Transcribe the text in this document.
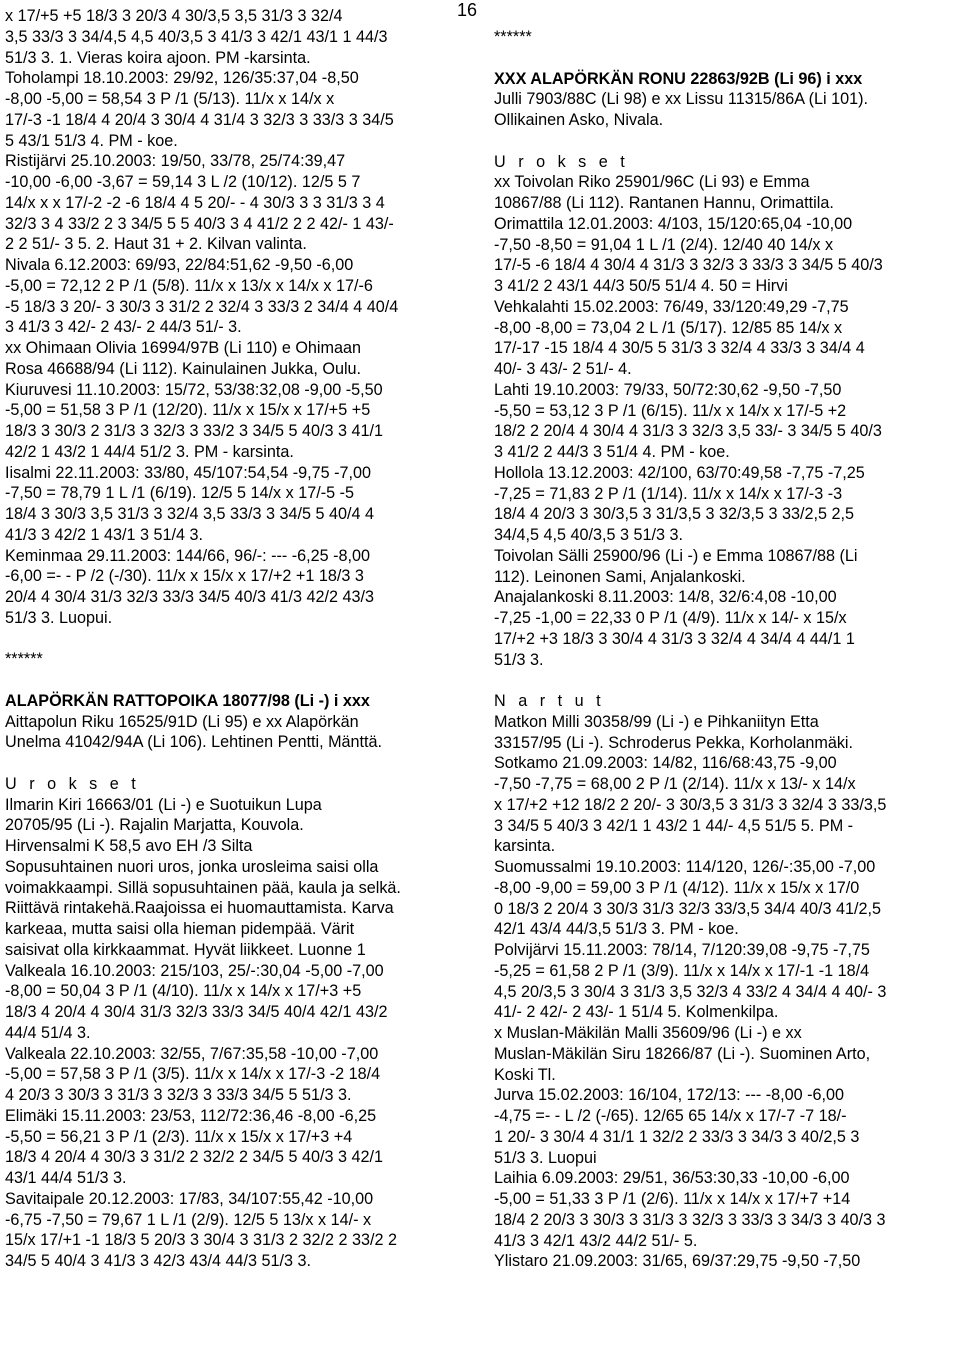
16
x 17/+5 +5 18/3 3 20/3 4 30/3,5 3,5 31/3 3 32/4
3,5 33/3 3 34/4,5 4,5 40/3,5 3 41/3 3 42/1 43/1 1 44/3
51/3 3. 1. Vieras koira ajoon. PM -karsinta.
Toholampi 18.10.2003: 29/92, 126/35:37,04 -8,50
-8,00 -5,00 = 58,54 3 P /1 (5/13). 11/x x 14/x x
17/-3 -1 18/4 4 20/4 3 30/4 4 31/4 3 32/3 3 33/3 3 34/5
5 43/1 51/3 4. PM - koe.
Ristijärvi 25.10.2003: 19/50, 33/78, 25/74:39,47
-10,00 -6,00 -3,67 = 59,14 3 L /2 (10/12). 12/5 5 7
14/x x x 17/-2 -2 -6 18/4 4 5 20/- - 4 30/3 3 3 31/3 3 4
32/3 3 4 33/2 2 3 34/5 5 5 40/3 3 4 41/2 2 2 42/- 1 43/-
2 2 51/- 3 5. 2. Haut 31 + 2. Kilvan valinta.
Nivala 6.12.2003: 69/93, 22/84:51,62 -9,50 -6,00
-5,00 = 72,12 2 P /1 (5/8). 11/x x 13/x x 14/x x 17/-6
-5 18/3 3 20/- 3 30/3 3 31/2 2 32/4 3 33/3 2 34/4 4 40/4
3 41/3 3 42/- 2 43/- 2 44/3 51/- 3.
xx Ohimaan Olivia 16994/97B (Li 110) e Ohimaan
Rosa 46688/94 (Li 112). Kainulainen Jukka, Oulu.
Kiuruvesi 11.10.2003: 15/72, 53/38:32,08 -9,00 -5,50
-5,00 = 51,58 3 P /1 (12/20). 11/x x 15/x x 17/+5 +5
18/3 3 30/3 2 31/3 3 32/3 3 33/2 3 34/5 5 40/3 3 41/1
42/2 1 43/2 1 44/4 51/2 3. PM - karsinta.
Iisalmi 22.11.2003: 33/80, 45/107:54,54 -9,75 -7,00
-7,50 = 78,79 1 L /1 (6/19). 12/5 5 14/x x 17/-5 -5
18/4 3 30/3 3,5 31/3 3 32/4 3,5 33/3 3 34/5 5 40/4 4
41/3 3 42/2 1 43/1 3 51/4 3.
Keminmaa 29.11.2003: 144/66, 96/-: --- -6,25 -8,00
-6,00 =- - P /2 (-/30). 11/x x 15/x x 17/+2 +1 18/3 3
20/4 4 30/4 31/3 32/3 33/3 34/5 40/3 41/3 42/2 43/3
51/3 3. Luopui.
******
ALAPÖRKÄN RATTOPOIKA 18077/98 (Li -) i xxx
Aittapolun Riku 16525/91D (Li 95) e xx Alapörkän
Unelma 41042/94A (Li 106). Lehtinen Pentti, Mänttä.
U r o k s e t
Ilmarin Kiri 16663/01 (Li -) e Suotuikun Lupa
20705/95 (Li -). Rajalin Marjatta, Kouvola.
Hirvensalmi K 58,5 avo EH /3 Silta
Sopusuhtainen nuori uros, jonka urosleima saisi olla
voimakkaampi. Sillä sopusuhtainen pää, kaula ja selkä.
Riittävä rintakehä.Raajoissa ei huomauttamista. Karva
karkeaa, mutta saisi olla hieman pidempää. Värit
saisivat olla kirkkaammat. Hyvät liikkeet. Luonne 1
Valkeala 16.10.2003: 215/103, 25/-:30,04 -5,00 -7,00
-8,00 = 50,04 3 P /1 (4/10). 11/x x 14/x x 17/+3 +5
18/3 4 20/4 4 30/4 31/3 32/3 33/3 34/5 40/4 42/1 43/2
44/4 51/4 3.
Valkeala 22.10.2003: 32/55, 7/67:35,58 -10,00 -7,00
-5,00 = 57,58 3 P /1 (3/5). 11/x x 14/x x 17/-3 -2 18/4
4 20/3 3 30/3 3 31/3 3 32/3 3 33/3 34/5 5 51/3 3.
Elimäki 15.11.2003: 23/53, 112/72:36,46 -8,00 -6,25
-5,50 = 56,21 3 P /1 (2/3). 11/x x 15/x x 17/+3 +4
18/3 4 20/4 4 30/3 3 31/2 2 32/2 2 34/5 5 40/3 3 42/1
43/1 44/4 51/3 3.
Savitaipale 20.12.2003: 17/83, 34/107:55,42 -10,00
-6,75 -7,50 = 79,67 1 L /1 (2/9). 12/5 5 13/x x 14/- x
15/x 17/+1 -1 18/3 5 20/3 3 30/4 3 31/3 2 32/2 2 33/2 2
34/5 5 40/4 3 41/3 3 42/3 43/4 44/3 51/3 3.
******
XXX ALAPÖRKÄN RONU 22863/92B (Li 96) i xxx
Julli 7903/88C (Li 98) e xx Lissu 11315/86A (Li 101).
Ollikainen Asko, Nivala.
U r o k s e t
xx Toivolan Riko 25901/96C (Li 93) e Emma
10867/88 (Li 112). Rantanen Hannu, Orimattila.
Orimattila 12.01.2003: 4/103, 15/120:65,04 -10,00
-7,50 -8,50 = 91,04 1 L /1 (2/4). 12/40 40 14/x x
17/-5 -6 18/4 4 30/4 4 31/3 3 32/3 3 33/3 3 34/5 5 40/3
3 41/2 2 43/1 44/3 50/5 51/4 4. 50 = Hirvi
Vehkalahti 15.02.2003: 76/49, 33/120:49,29 -7,75
-8,00 -8,00 = 73,04 2 L /1 (5/17). 12/85 85 14/x x
17/-17 -15 18/4 4 30/5 5 31/3 3 32/4 4 33/3 3 34/4 4
40/- 3 43/- 2 51/- 4.
Lahti 19.10.2003: 79/33, 50/72:30,62 -9,50 -7,50
-5,50 = 53,12 3 P /1 (6/15). 11/x x 14/x x 17/-5 +2
18/2 2 20/4 4 30/4 4 31/3 3 32/3 3,5 33/- 3 34/5 5 40/3
3 41/2 2 44/3 3 51/4 4. PM - koe.
Hollola 13.12.2003: 42/100, 63/70:49,58 -7,75 -7,25
-7,25 = 71,83 2 P /1 (1/14). 11/x x 14/x x 17/-3 -3
18/4 4 20/3 3 30/3,5 3 31/3,5 3 32/3,5 3 33/2,5 2,5
34/4,5 4,5 40/3,5 3 51/3 3.
Toivolan Sälli 25900/96 (Li -) e Emma 10867/88 (Li
112). Leinonen Sami, Anjalankoski.
Anajalankoski 8.11.2003: 14/8, 32/6:4,08 -10,00
-7,25 -1,00 = 22,33 0 P /1 (4/9). 11/x x 14/- x 15/x
17/+2 +3 18/3 3 30/4 4 31/3 3 32/4 4 34/4 4 44/1 1
51/3 3.
N a r t u t
Matkon Milli 30358/99 (Li -) e Pihkaniityn Etta
33157/95 (Li -). Schroderus Pekka, Korholanmäki.
Sotkamo 21.09.2003: 14/82, 116/68:43,75 -9,00
-7,50 -7,75 = 68,00 2 P /1 (2/14). 11/x x 13/- x 14/x
x 17/+2 +12 18/2 2 20/- 3 30/3,5 3 31/3 3 32/4 3 33/3,5
3 34/5 5 40/3 3 42/1 1 43/2 1 44/- 4,5 51/5 5. PM -
karsinta.
Suomussalmi 19.10.2003: 114/120, 126/-:35,00 -7,00
-8,00 -9,00 = 59,00 3 P /1 (4/12). 11/x x 15/x x 17/0
0 18/3 2 20/4 3 30/3 31/3 32/3 33/3,5 34/4 40/3 41/2,5
42/1 43/4 44/3,5 51/3 3. PM - koe.
Polvijärvi 15.11.2003: 78/14, 7/120:39,08 -9,75 -7,75
-5,25 = 61,58 2 P /1 (3/9). 11/x x 14/x x 17/-1 -1 18/4
4,5 20/3,5 3 30/4 3 31/3 3,5 32/3 4 33/2 4 34/4 4 40/- 3
41/- 2 42/- 2 43/- 1 51/4 5. Kolmenkilpa.
x Muslan-Mäkilän Malli 35609/96 (Li -) e xx
Muslan-Mäkilän Siru 18266/87 (Li -). Suominen Arto,
Koski Tl.
Jurva 15.02.2003: 16/104, 172/13: --- -8,00 -6,00
-4,75 =- - L /2 (-/65). 12/65 65 14/x x 17/-7 -7 18/-
1 20/- 3 30/4 4 31/1 1 32/2 2 33/3 3 34/3 3 40/2,5 3
51/3 3. Luopui
Laihia 6.09.2003: 29/51, 36/53:30,33 -10,00 -6,00
-5,00 = 51,33 3 P /1 (2/6). 11/x x 14/x x 17/+7 +14
18/4 2 20/3 3 30/3 3 31/3 3 32/3 3 33/3 3 34/3 3 40/3 3
41/3 3 42/1 43/2 44/2 51/- 5.
Ylistaro 21.09.2003: 31/65, 69/37:29,75 -9,50 -7,50
